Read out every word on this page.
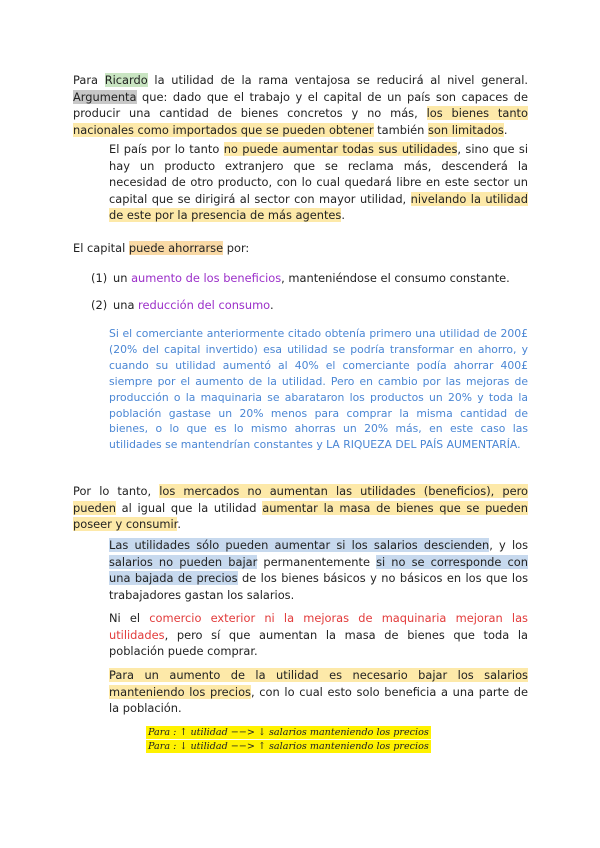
Para Ricardo la utilidad de la rama ventajosa se reducirá al nivel general. Argumenta que: dado que el trabajo y el capital de un país son capaces de producir una cantidad de bienes concretos y no más, los bienes tanto nacionales como importados que se pueden obtener también son limitados.

El país por lo tanto no puede aumentar todas sus utilidades, sino que si hay un producto extranjero que se reclama más, descenderá la necesidad de otro producto, con lo cual quedará libre en este sector un capital que se dirigirá al sector con mayor utilidad, nivelando la utilidad de este por la presencia de más agentes.

El capital puede ahorrarse por:

(1) un aumento de los beneficios, manteniéndose el consumo constante.

(2) una reducción del consumo.

Si el comerciante anteriormente citado obtenía primero una utilidad de 200£ (20% del capital invertido) esa utilidad se podría transformar en ahorro, y cuando su utilidad aumentó al 40% el comerciante podía ahorrar 400£ siempre por el aumento de la utilidad. Pero en cambio por las mejoras de producción o la maquinaria se abarataron los productos un 20% y toda la población gastase un 20% menos para comprar la misma cantidad de bienes, o lo que es lo mismo ahorras un 20% más, en este caso las utilidades se mantendrían constantes y LA RIQUEZA DEL PAÍS AUMENTARÍA.

Por lo tanto, los mercados no aumentan las utilidades (beneficios), pero pueden al igual que la utilidad aumentar la masa de bienes que se pueden poseer y consumir.

Las utilidades sólo pueden aumentar si los salarios descienden, y los salarios no pueden bajar permanentemente si no se corresponde con una bajada de precios de los bienes básicos y no básicos en los que los trabajadores gastan los salarios.

Ni el comercio exterior ni la mejoras de maquinaria mejoran las utilidades, pero sí que aumentan la masa de bienes que toda la población puede comprar.

Para un aumento de la utilidad es necesario bajar los salarios manteniendo los precios, con lo cual esto solo beneficia a una parte de la población.

Para : ↑ utilidad −−> ↓ salarios manteniendo los precios
Para : ↓ utilidad −−> ↑ salarios manteniendo los precios
